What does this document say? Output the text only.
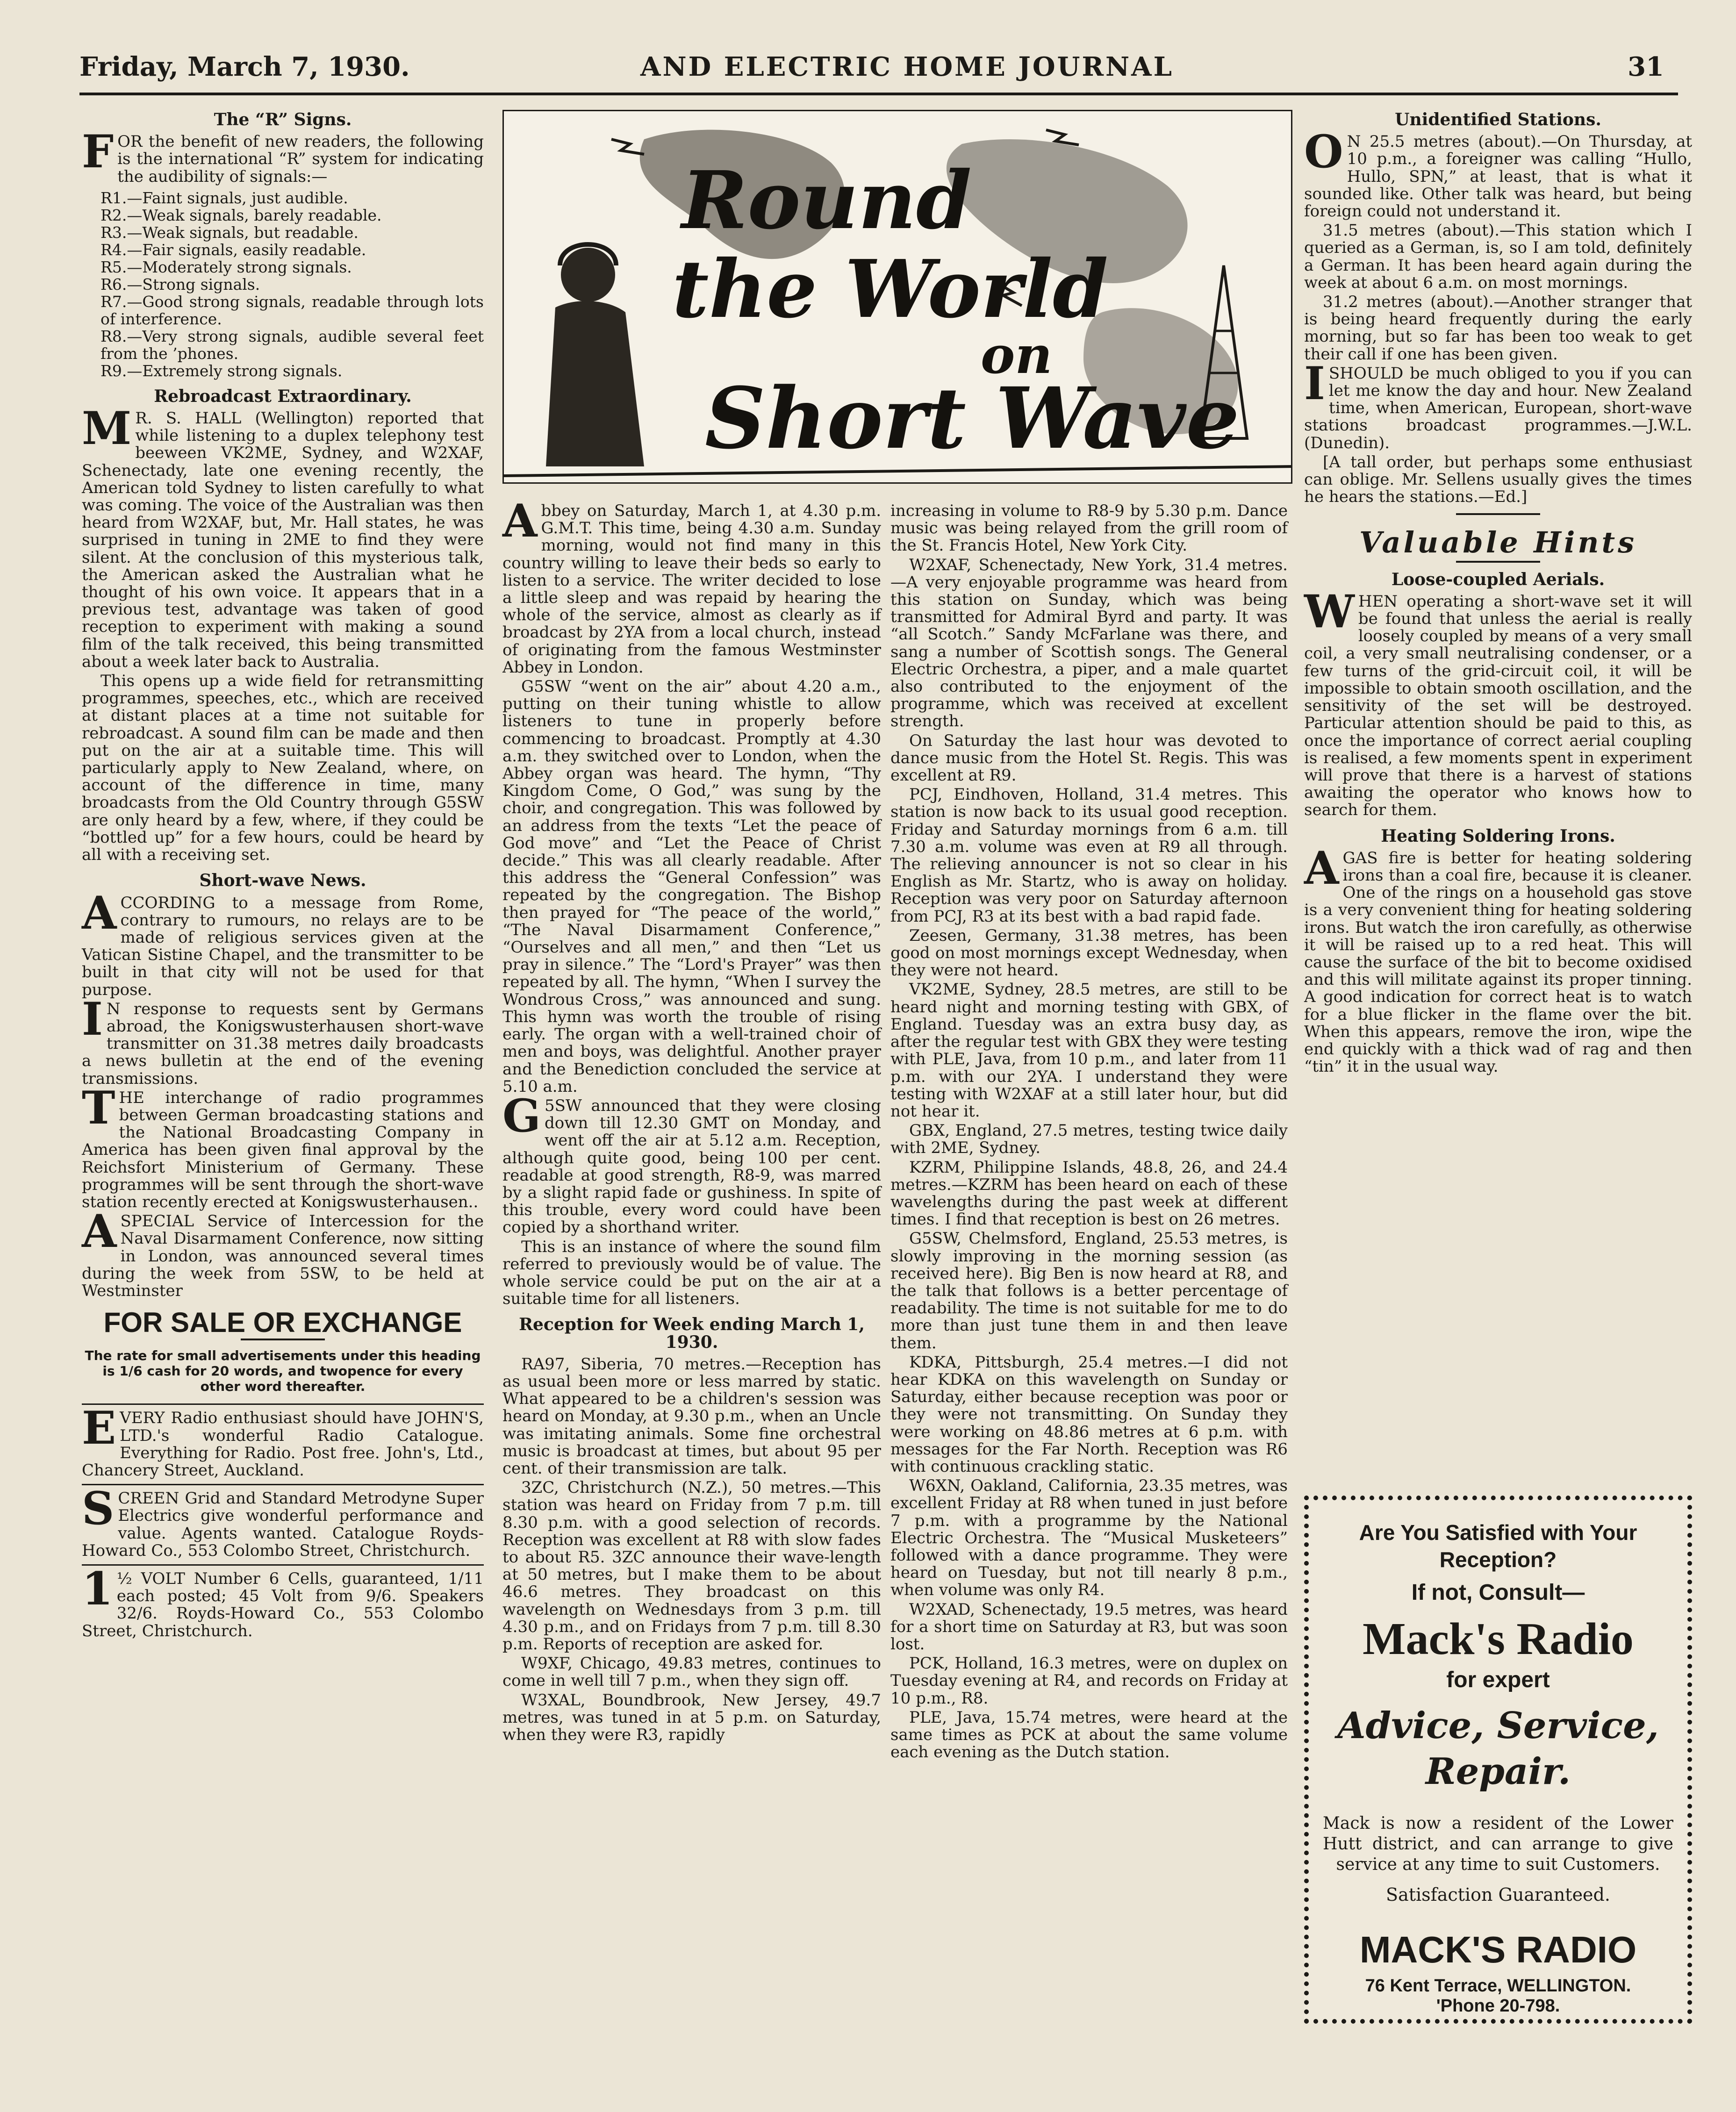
Friday, March 7, 1930.	AND ELECTRIC HOME JOURNAL	31
The “R” Signs.

FOR the benefit of new readers, the following is the international “R” system for indicating the audibility of signals:—

R1.—Faint signals, just audible.
R2.—Weak signals, barely readable.
R3.—Weak signals, but readable.
R4.—Fair signals, easily readable.
R5.—Moderately strong signals.
R6.—Strong signals.
R7.—Good strong signals, readable through lots of interference.
R8.—Very strong signals, audible several feet from the ’phones.
R9.—Extremely strong signals.
Rebroadcast Extraordinary.

MR. S. HALL (Wellington) reported that while listening to a duplex telephony test beeween VK2ME, Sydney, and W2XAF, Schenectady, late one evening recently, the American told Sydney to listen carefully to what was coming. The voice of the Australian was then heard from W2XAF, but, Mr. Hall states, he was surprised in tuning in 2ME to find they were silent. At the conclusion of this mysterious talk, the American asked the Australian what he thought of his own voice. It appears that in a previous test, advantage was taken of good reception to experiment with making a sound film of the talk received, this being transmitted about a week later back to Australia.

This opens up a wide field for retransmitting programmes, speeches, etc., which are received at distant places at a time not suitable for rebroadcast. A sound film can be made and then put on the air at a suitable time. This will particularly apply to New Zealand, where, on account of the difference in time, many broadcasts from the Old Country through G5SW are only heard by a few, where, if they could be “bottled up” for a few hours, could be heard by all with a receiving set.

Short-wave News.

ACCORDING to a message from Rome, contrary to rumours, no relays are to be made of religious services given at the Vatican Sistine Chapel, and the transmitter to be built in that city will not be used for that purpose.

IN response to requests sent by Germans abroad, the Konigswusterhausen short-wave transmitter on 31.38 metres daily broadcasts a news bulletin at the end of the evening transmissions.

THE interchange of radio programmes between German broadcasting stations and the National Broadcasting Company in America has been given final approval by the Reichsfort Ministerium of Germany. These programmes will be sent through the short-wave station recently erected at Konigswusterhausen..

ASPECIAL Service of Intercession for the Naval Disarmament Conference, now sitting in London, was announced several times during the week from 5SW, to be held at Westminster

FOR SALE OR EXCHANGE
The rate for small advertisements under this heading is 1/6 cash for 20 words, and twopence for every other word thereafter.

EVERY Radio enthusiast should have JOHN'S, LTD.'s wonderful Radio Catalogue. Everything for Radio. Post free. John's, Ltd., Chancery Street, Auckland.

SCREEN Grid and Standard Metrodyne Super Electrics give wonderful performance and value. Agents wanted. Catalogue Royds-Howard Co., 553 Colombo Street, Christchurch.

1½ VOLT Number 6 Cells, guaranteed, 1/11 each posted; 45 Volt from 9/6. Speakers 32/6. Royds-Howard Co., 553 Colombo Street, Christchurch.

Round
the World
on
Short Wave

Abbey on Saturday, March 1, at 4.30 p.m. G.M.T. This time, being 4.30 a.m. Sunday morning, would not find many in this country willing to leave their beds so early to listen to a service. The writer decided to lose a little sleep and was repaid by hearing the whole of the service, almost as clearly as if broadcast by 2YA from a local church, instead of originating from the famous Westminster Abbey in London.

G5SW “went on the air” about 4.20 a.m., putting on their tuning whistle to allow listeners to tune in properly before commencing to broadcast. Promptly at 4.30 a.m. they switched over to London, when the Abbey organ was heard. The hymn, “Thy Kingdom Come, O God,” was sung by the choir, and congregation. This was followed by an address from the texts “Let the peace of God move” and “Let the Peace of Christ decide.” This was all clearly readable. After this address the “General Confession” was repeated by the congregation. The Bishop then prayed for “The peace of the world,” “The Naval Disarmament Conference,” “Ourselves and all men,” and then “Let us pray in silence.” The “Lord's Prayer” was then repeated by all. The hymn, “When I survey the Wondrous Cross,” was announced and sung. This hymn was worth the trouble of rising early. The organ with a well-trained choir of men and boys, was delightful. Another prayer and the Benediction concluded the service at 5.10 a.m.

G5SW announced that they were closing down till 12.30 GMT on Monday, and went off the air at 5.12 a.m. Reception, although quite good, being 100 per cent. readable at good strength, R8-9, was marred by a slight rapid fade or gushiness. In spite of this trouble, every word could have been copied by a shorthand writer.

This is an instance of where the sound film referred to previously would be of value. The whole service could be put on the air at a suitable time for all listeners.

Reception for Week ending March 1, 1930.

RA97, Siberia, 70 metres.—Reception has as usual been more or less marred by static. What appeared to be a children's session was heard on Monday, at 9.30 p.m., when an Uncle was imitating animals. Some fine orchestral music is broadcast at times, but about 95 per cent. of their transmission are talk.

3ZC, Christchurch (N.Z.), 50 metres.—This station was heard on Friday from 7 p.m. till 8.30 p.m. with a good selection of records. Reception was excellent at R8 with slow fades to about R5. 3ZC announce their wave-length at 50 metres, but I make them to be about 46.6 metres. They broadcast on this wavelength on Wednesdays from 3 p.m. till 4.30 p.m., and on Fridays from 7 p.m. till 8.30 p.m. Reports of reception are asked for.

W9XF, Chicago, 49.83 metres, continues to come in well till 7 p.m., when they sign off.

W3XAL, Boundbrook, New Jersey, 49.7 metres, was tuned in at 5 p.m. on Saturday, when they were R3, rapidly

increasing in volume to R8-9 by 5.30 p.m. Dance music was being relayed from the grill room of the St. Francis Hotel, New York City.

W2XAF, Schenectady, New York, 31.4 metres.—A very enjoyable programme was heard from this station on Sunday, which was being transmitted for Admiral Byrd and party. It was “all Scotch.” Sandy McFarlane was there, and sang a number of Scottish songs. The General Electric Orchestra, a piper, and a male quartet also contributed to the enjoyment of the programme, which was received at excellent strength.

On Saturday the last hour was devoted to dance music from the Hotel St. Regis. This was excellent at R9.

PCJ, Eindhoven, Holland, 31.4 metres. This station is now back to its usual good reception. Friday and Saturday mornings from 6 a.m. till 7.30 a.m. volume was even at R9 all through. The relieving announcer is not so clear in his English as Mr. Startz, who is away on holiday. Reception was very poor on Saturday afternoon from PCJ, R3 at its best with a bad rapid fade.

Zeesen, Germany, 31.38 metres, has been good on most mornings except Wednesday, when they were not heard.

VK2ME, Sydney, 28.5 metres, are still to be heard night and morning testing with GBX, of England. Tuesday was an extra busy day, as after the regular test with GBX they were testing with PLE, Java, from 10 p.m., and later from 11 p.m. with our 2YA. I understand they were testing with W2XAF at a still later hour, but did not hear it.

GBX, England, 27.5 metres, testing twice daily with 2ME, Sydney.

KZRM, Philippine Islands, 48.8, 26, and 24.4 metres.—KZRM has been heard on each of these wavelengths during the past week at different times. I find that reception is best on 26 metres.

G5SW, Chelmsford, England, 25.53 metres, is slowly improving in the morning session (as received here). Big Ben is now heard at R8, and the talk that follows is a better percentage of readability. The time is not suitable for me to do more than just tune them in and then leave them.

KDKA, Pittsburgh, 25.4 metres.—I did not hear KDKA on this wavelength on Sunday or Saturday, either because reception was poor or they were not transmitting. On Sunday they were working on 48.86 metres at 6 p.m. with messages for the Far North. Reception was R6 with continuous crackling static.

W6XN, Oakland, California, 23.35 metres, was excellent Friday at R8 when tuned in just before 7 p.m. with a programme by the National Electric Orchestra. The “Musical Musketeers” followed with a dance programme. They were heard on Tuesday, but not till nearly 8 p.m., when volume was only R4.

W2XAD, Schenectady, 19.5 metres, was heard for a short time on Saturday at R3, but was soon lost.

PCK, Holland, 16.3 metres, were on duplex on Tuesday evening at R4, and records on Friday at 10 p.m., R8.

PLE, Java, 15.74 metres, were heard at the same times as PCK at about the same volume each evening as the Dutch station.

Unidentified Stations.

ON 25.5 metres (about).—On Thursday, at 10 p.m., a foreigner was calling “Hullo, Hullo, SPN,” at least, that is what it sounded like. Other talk was heard, but being foreign could not understand it.

31.5 metres (about).—This station which I queried as a German, is, so I am told, definitely a German. It has been heard again during the week at about 6 a.m. on most mornings.

31.2 metres (about).—Another stranger that is being heard frequently during the early morning, but so far has been too weak to get their call if one has been given.

ISHOULD be much obliged to you if you can let me know the day and hour. New Zealand time, when American, European, short-wave stations broadcast programmes.—J.W.L. (Dunedin).

[A tall order, but perhaps some enthusiast can oblige. Mr. Sellens usually gives the times he hears the stations.—Ed.]

Valuable Hints
Loose-coupled Aerials.

WHEN operating a short-wave set it will be found that unless the aerial is really loosely coupled by means of a very small coil, a very small neutralising condenser, or a few turns of the grid-circuit coil, it will be impossible to obtain smooth oscillation, and the sensitivity of the set will be destroyed. Particular attention should be paid to this, as once the importance of correct aerial coupling is realised, a few moments spent in experiment will prove that there is a harvest of stations awaiting the operator who knows how to search for them.

Heating Soldering Irons.

AGAS fire is better for heating soldering irons than a coal fire, because it is cleaner. One of the rings on a household gas stove is a very convenient thing for heating soldering irons. But watch the iron carefully, as otherwise it will be raised up to a red heat. This will cause the surface of the bit to become oxidised and this will militate against its proper tinning. A good indication for correct heat is to watch for a blue flicker in the flame over the bit. When this appears, remove the iron, wipe the end quickly with a thick wad of rag and then “tin” it in the usual way.

Are You Satisfied with Your Reception?
If not, Consult—
Mack's Radio
for expert
Advice, Service, Repair.
Mack is now a resident of the Lower Hutt district, and can arrange to give service at any time to suit Customers.
Satisfaction Guaranteed.
MACK'S RADIO
76 Kent Terrace, WELLINGTON.
'Phone 20-798.
